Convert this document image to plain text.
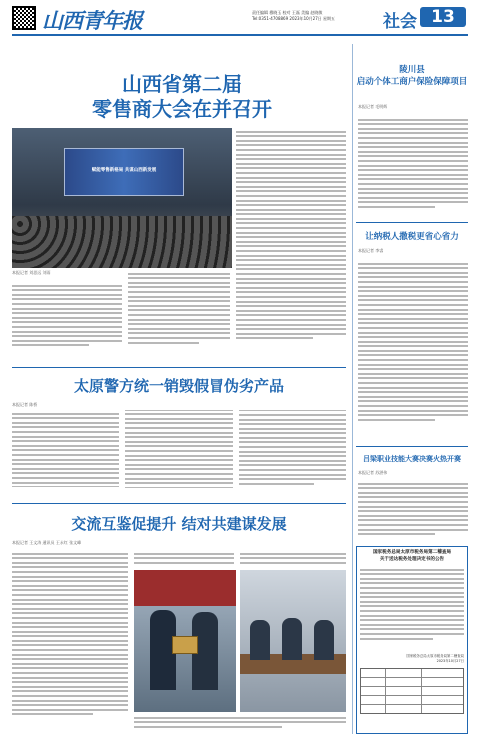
山西青年报	责任编辑 穆晓玉 校对 王磊 美编 赵晓敏
Tel:0351-4708869 2023年10月27日 星期五	社会 13
山西省第二届
零售商大会在并召开
赋能零售新格局 共谋山西新发展
本报记者 刘思远 刘雨
太原警方统一销毁假冒伪劣产品
本报记者 陈桥
交流互鉴促提升 结对共建谋发展
本报记者 王文涛 通讯员 王永红 张文峰
陵川县
启动个体工商户保险保障项目
本报记者 毛明辉
让纳税人撒税更省心省力
本报记者 李睿
吕梁职业技能大赛决赛火热开赛
本报记者 苏湛伟
国家税务总局太原市税务局第二稽查局
关于送达税务处理决定书的公告
国家税务总局太原市税务局第二稽查局
2023年10月27日
